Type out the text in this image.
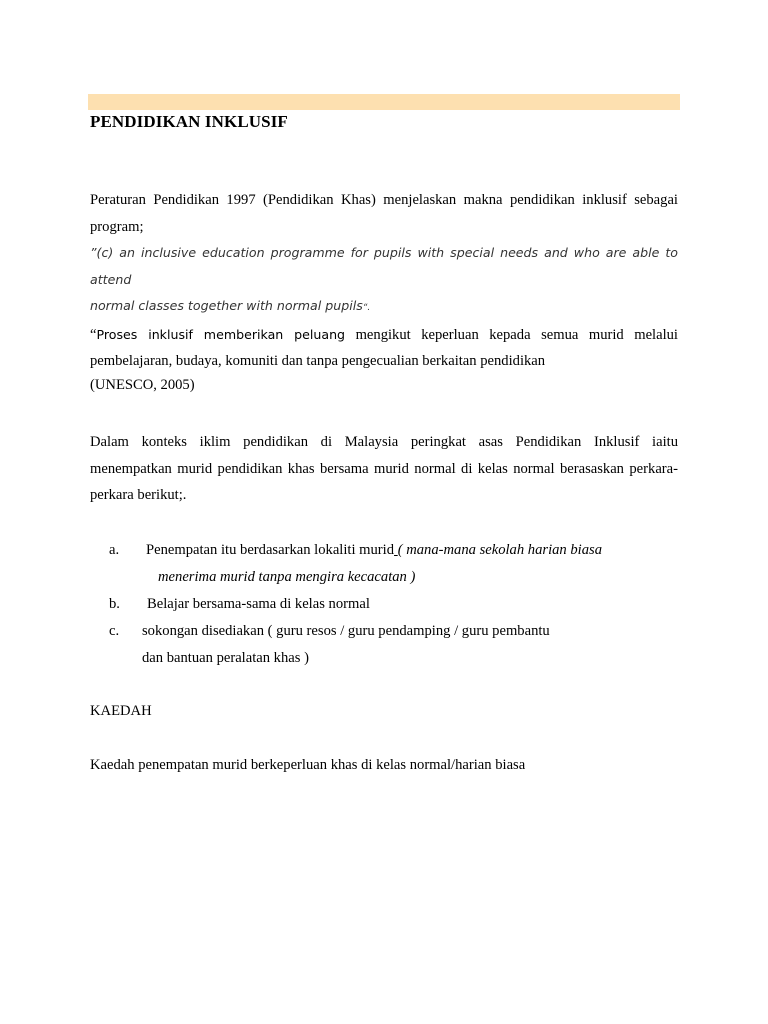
PENDIDIKAN INKLUSIF
Peraturan Pendidikan 1997 (Pendidikan Khas) menjelaskan makna pendidikan inklusif sebagai
program;
”(c) an inclusive education programme for pupils with special needs and who are able to attend
normal classes together with normal pupils“.
“Proses inklusif memberikan peluang mengikut keperluan kepada semua murid melalui
pembelajaran, budaya, komuniti dan tanpa pengecualian berkaitan pendidikan
(UNESCO, 2005)
Dalam konteks iklim pendidikan di Malaysia peringkat asas Pendidikan Inklusif iaitu
menempatkan murid pendidikan khas bersama murid normal di kelas normal berasaskan perkara-
perkara berikut;.
a. Penempatan itu berdasarkan lokaliti murid ( mana-mana sekolah harian biasa
menerima murid tanpa mengira kecacatan )
b. Belajar bersama-sama di kelas normal
c. sokongan disediakan ( guru resos / guru pendamping / guru pembantu
dan bantuan peralatan khas )
KAEDAH
Kaedah penempatan murid berkeperluan khas di kelas normal/harian biasa
